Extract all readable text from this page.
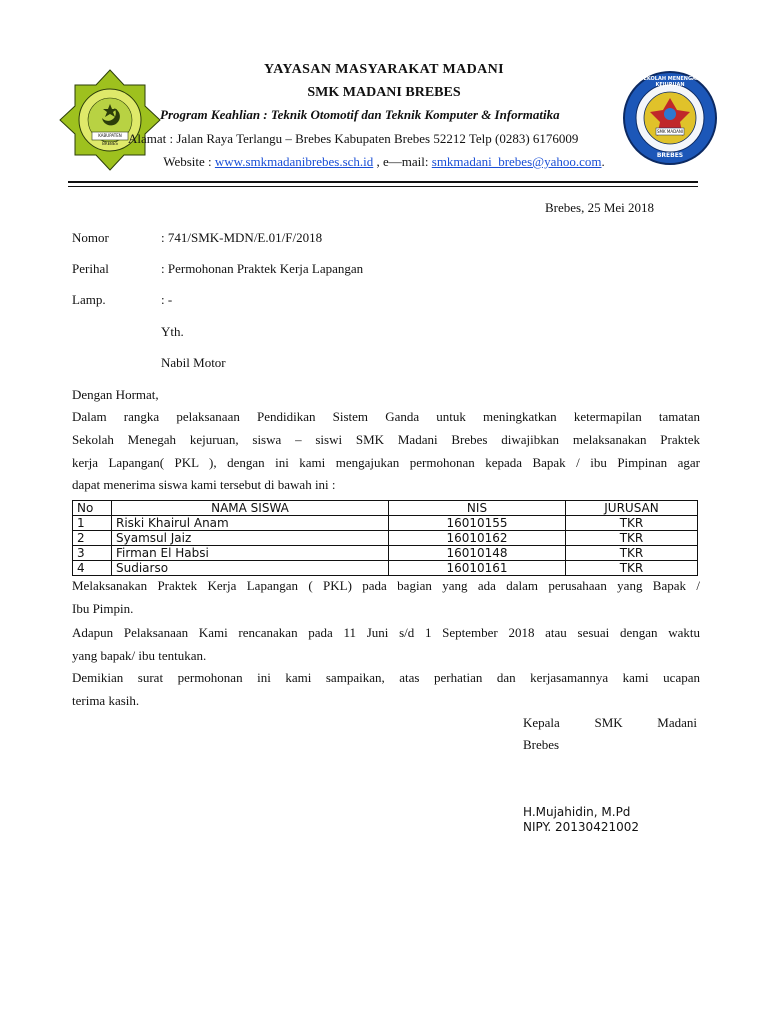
KABUPATEN BREBES
SEKOLAH MENENGAH KEJURUAN
SMK MADANI
BREBES
YAYASAN MASYARAKAT MADANI
SMK MADANI BREBES
Program Keahlian : Teknik Otomotif dan Teknik Komputer & Informatika
Alamat : Jalan Raya Terlangu – Brebes Kabupaten Brebes 52212 Telp (0283) 6176009
Website : www.smkmadanibrebes.sch.id , e—mail: smkmadani_brebes@yahoo.com.
Brebes, 25 Mei 2018
Nomor	: 741/SMK-MDN/E.01/F/2018
Perihal	: Permohonan Praktek Kerja Lapangan
Lamp.	: -
Yth.
Nabil Motor
Dengan Hormat,
Dalam rangka pelaksanaan Pendidikan Sistem Ganda untuk meningkatkan ketermapilan tamatan
Sekolah Menegah kejuruan, siswa – siswi SMK Madani Brebes diwajibkan melaksanakan Praktek
kerja Lapangan( PKL ), dengan ini kami mengajukan permohonan kepada Bapak / ibu Pimpinan agar
dapat menerima siswa kami tersebut di bawah ini :
No	NAMA SISWA	NIS	JURUSAN
1	Riski Khairul Anam	16010155	TKR
2	Syamsul Jaiz	16010162	TKR
3	Firman El Habsi	16010148	TKR
4	Sudiarso	16010161	TKR
Melaksanakan Praktek Kerja Lapangan ( PKL) pada bagian yang ada dalam perusahaan yang Bapak /
Ibu Pimpin.
Adapun Pelaksanaan Kami rencanakan pada 11 Juni s/d 1 September 2018 atau sesuai dengan waktu
yang bapak/ ibu tentukan.
Demikian surat permohonan ini kami sampaikan, atas perhatian dan kerjasamannya kami ucapan
terima kasih.
Kepala SMK Madani
Brebes
H.Mujahidin, M.Pd
NIPY. 20130421002
